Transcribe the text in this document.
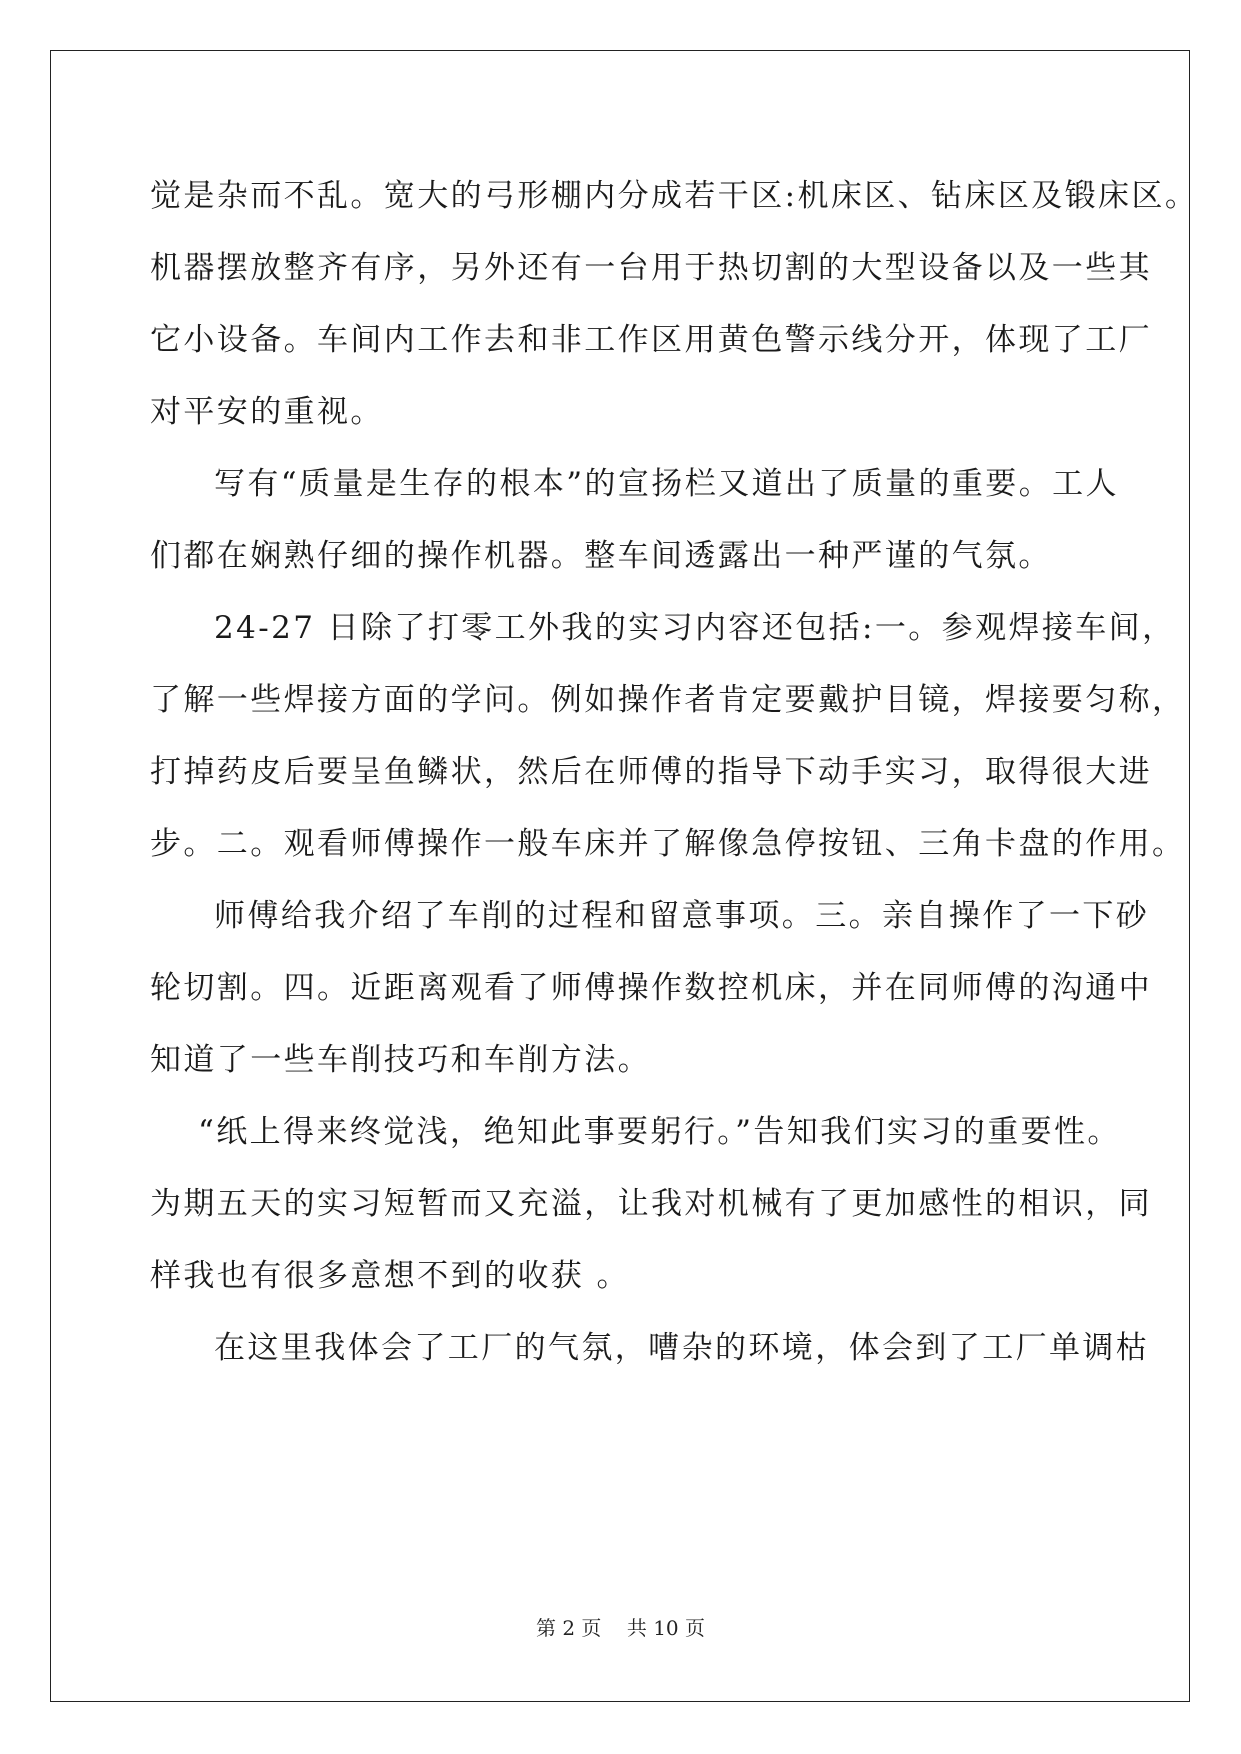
觉是杂而不乱。宽大的弓形棚内分成若干区:机床区、钻床区及锻床区。
机器摆放整齐有序，另外还有一台用于热切割的大型设备以及一些其
它小设备。车间内工作去和非工作区用黄色警示线分开，体现了工厂
对平安的重视。
写有“质量是生存的根本”的宣扬栏又道出了质量的重要。工人
们都在娴熟仔细的操作机器。整车间透露出一种严谨的气氛。
24-27 日除了打零工外我的实习内容还包括:一。参观焊接车间，
了解一些焊接方面的学问。例如操作者肯定要戴护目镜，焊接要匀称，
打掉药皮后要呈鱼鳞状，然后在师傅的指导下动手实习，取得很大进
步。二。观看师傅操作一般车床并了解像急停按钮、三角卡盘的作用。
师傅给我介绍了车削的过程和留意事项。三。亲自操作了一下砂
轮切割。四。近距离观看了师傅操作数控机床，并在同师傅的沟通中
知道了一些车削技巧和车削方法。
“纸上得来终觉浅，绝知此事要躬行。”告知我们实习的重要性。
为期五天的实习短暂而又充溢，让我对机械有了更加感性的相识，同
样我也有很多意想不到的收获 。
在这里我体会了工厂的气氛，嘈杂的环境，体会到了工厂单调枯
第 2 页    共 10 页
